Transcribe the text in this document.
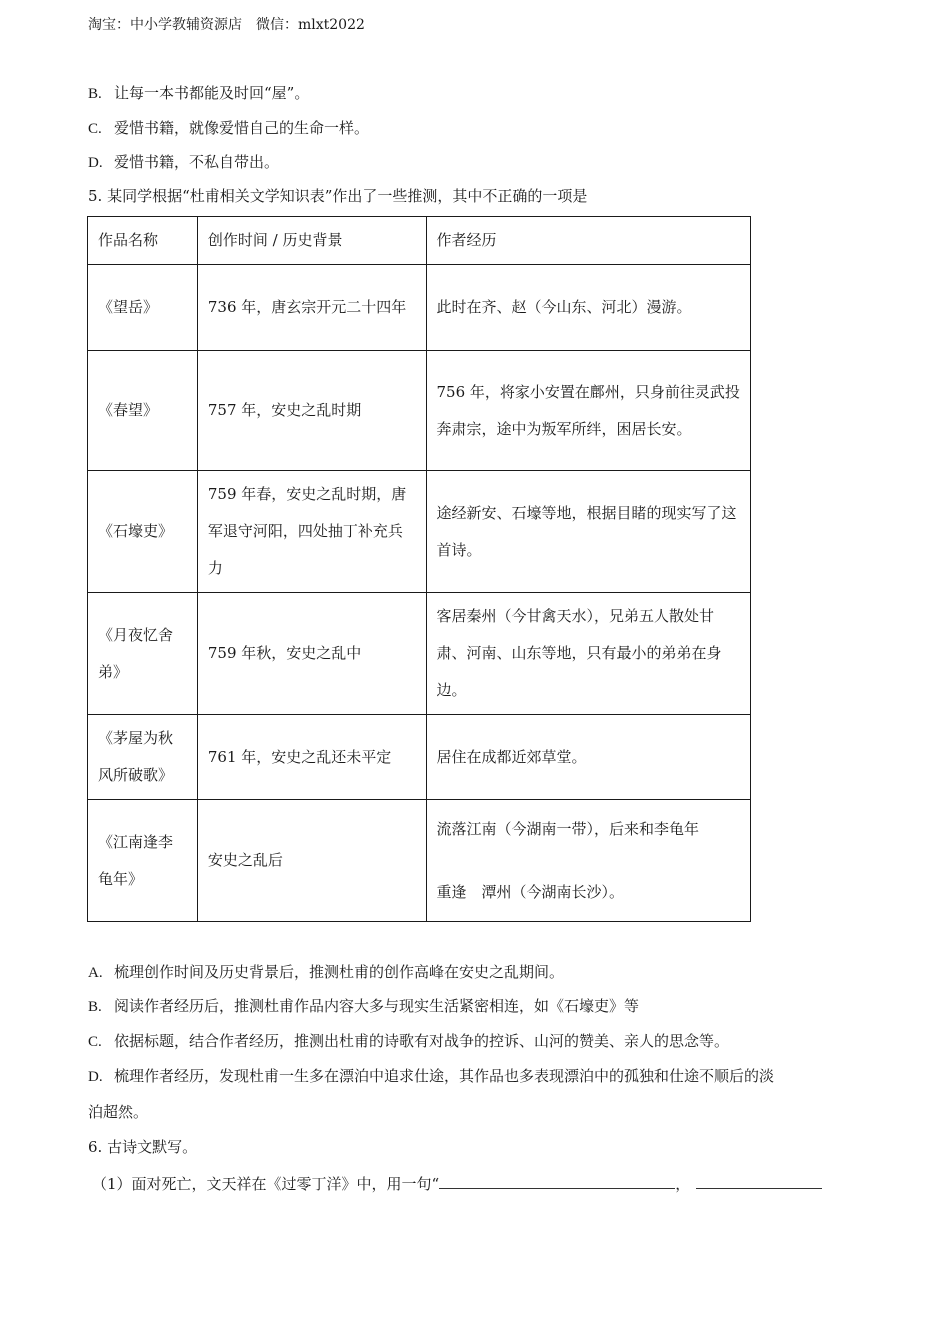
淘宝：中小学教辅资源店　微信：mlxt2022
B. 让每一本书都能及时回“屋”。
C. 爱惜书籍，就像爱惜自己的生命一样。
D. 爱惜书籍，不私自带出。
5. 某同学根据“杜甫相关文学知识表”作出了一些推测，其中不正确的一项是
作品名称	创作时间 / 历史背景	作者经历
《望岳》	736 年，唐玄宗开元二十四年	此时在齐、赵（今山东、河北）漫游。
《春望》	757 年，安史之乱时期	756 年，将家小安置在鄜州，只身前往灵武投奔肃宗，途中为叛军所绊，困居长安。
《石壕吏》	759 年春，安史之乱时期，唐军退守河阳，四处抽丁补充兵力	途经新安、石壕等地，根据目睹的现实写了这首诗。
《月夜忆舍弟》	759 年秋，安史之乱中	客居秦州（今甘禽天水），兄弟五人散处甘肃、河南、山东等地，只有最小的弟弟在身边。
《茅屋为秋风所破歌》	761 年，安史之乱还未平定	居住在成都近郊草堂。
《江南逢李龟年》	安史之乱后	流落江南（今湖南一带），后来和李龟年
重逢　潭州（今湖南长沙）。
A. 梳理创作时间及历史背景后，推测杜甫的创作高峰在安史之乱期间。
B. 阅读作者经历后，推测杜甫作品内容大多与现实生活紧密相连，如《石壕吏》等
C. 依据标题，结合作者经历，推测出杜甫的诗歌有对战争的控诉、山河的赞美、亲人的思念等。
D. 梳理作者经历，发现杜甫一生多在漂泊中追求仕途，其作品也多表现漂泊中的孤独和仕途不顺后的淡
泊超然。
6. 古诗文默写。
（1）面对死亡，文天祥在《过零丁洋》中，用一句“	，
